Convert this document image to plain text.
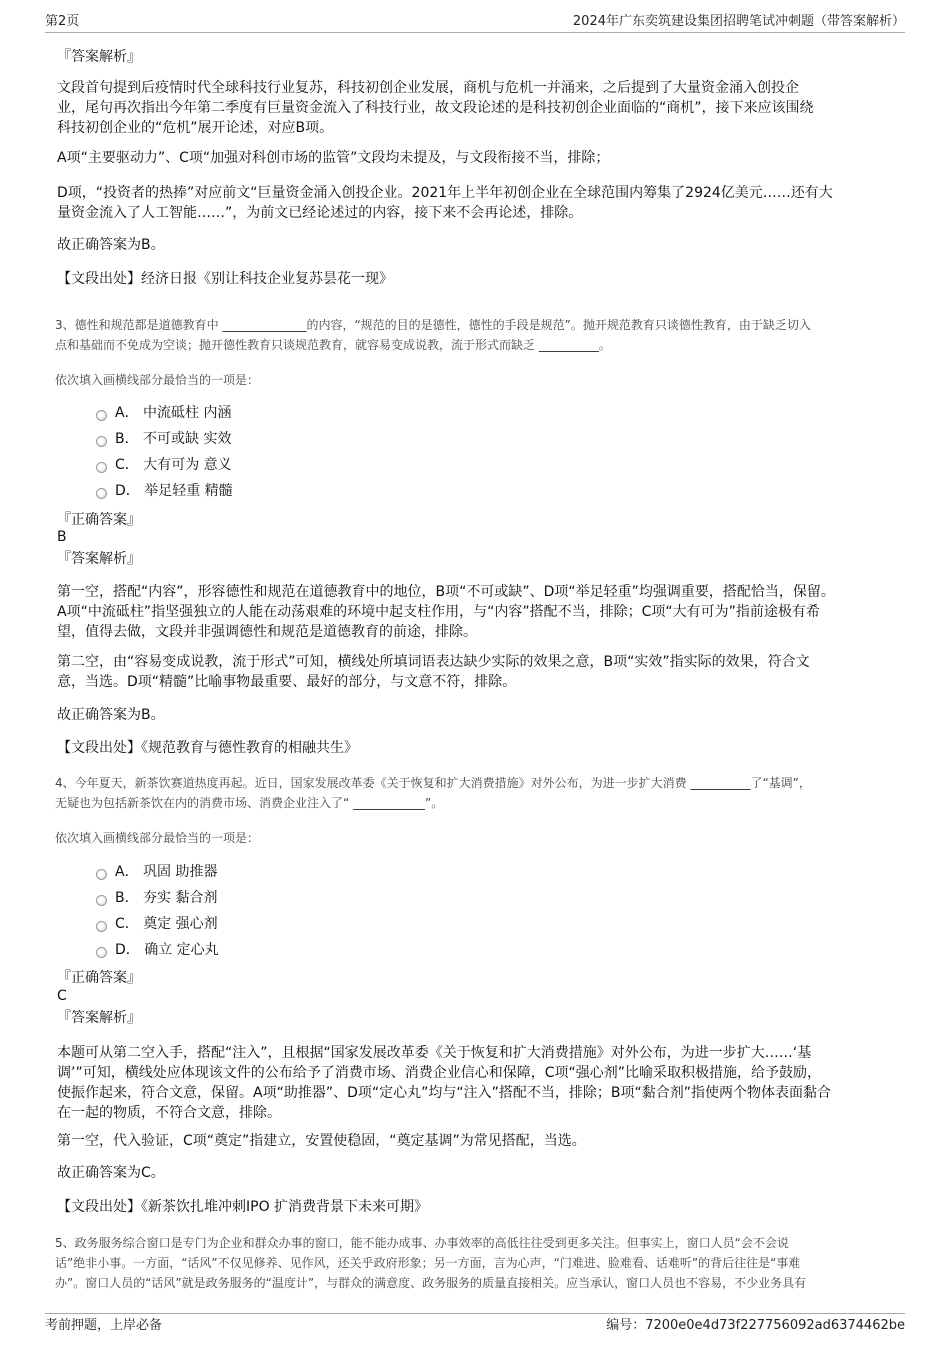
第2页	2024年广东奕筑建设集团招聘笔试冲刺题（带答案解析）
『答案解析』
文段首句提到后疫情时代全球科技行业复苏，科技初创企业发展，商机与危机一并涌来，之后提到了大量资金涌入创投企
业，尾句再次指出今年第二季度有巨量资金流入了科技行业，故文段论述的是科技初创企业面临的“商机”，接下来应该围绕
科技初创企业的“危机”展开论述，对应B项。
A项“主要驱动力”、C项“加强对科创市场的监管”文段均未提及，与文段衔接不当，排除；
D项，“投资者的热捧”对应前文“巨量资金涌入创投企业。2021年上半年初创企业在全球范围内筹集了2924亿美元……还有大
量资金流入了人工智能……”，为前文已经论述过的内容，接下来不会再论述，排除。
故正确答案为B。
【文段出处】经济日报《别让科技企业复苏昙花一现》
3、德性和规范都是道德教育中 ______________的内容，“规范的目的是德性，德性的手段是规范”。抛开规范教育只谈德性教育，由于缺乏切入
点和基础而不免成为空谈；抛开德性教育只谈规范教育，就容易变成说教，流于形式而缺乏 __________。
依次填入画横线部分最恰当的一项是：
A． 中流砥柱 内涵
B． 不可或缺 实效
C． 大有可为 意义
D． 举足轻重 精髓
『正确答案』
B
『答案解析』
第一空，搭配“内容”，形容德性和规范在道德教育中的地位，B项“不可或缺”、D项“举足轻重”均强调重要，搭配恰当，保留。
A项“中流砥柱”指坚强独立的人能在动荡艰难的环境中起支柱作用，与“内容”搭配不当，排除；C项“大有可为”指前途极有希
望，值得去做，文段并非强调德性和规范是道德教育的前途，排除。
第二空，由“容易变成说教，流于形式”可知，横线处所填词语表达缺少实际的效果之意，B项“实效”指实际的效果，符合文
意，当选。D项“精髓”比喻事物最重要、最好的部分，与文意不符，排除。
故正确答案为B。
【文段出处】《规范教育与德性教育的相融共生》
4、今年夏天，新茶饮赛道热度再起。近日，国家发展改革委《关于恢复和扩大消费措施》对外公布，为进一步扩大消费 __________了“基调”，
无疑也为包括新茶饮在内的消费市场、消费企业注入了“ ____________”。
依次填入画横线部分最恰当的一项是：
A． 巩固 助推器
B． 夯实 黏合剂
C． 奠定 强心剂
D． 确立 定心丸
『正确答案』
C
『答案解析』
本题可从第二空入手，搭配“注入”，且根据“国家发展改革委《关于恢复和扩大消费措施》对外公布，为进一步扩大……‘基
调’”可知，横线处应体现该文件的公布给予了消费市场、消费企业信心和保障，C项“强心剂”比喻采取积极措施，给予鼓励，
使振作起来，符合文意，保留。A项“助推器”、D项“定心丸”均与“注入”搭配不当，排除；B项“黏合剂”指使两个物体表面黏合
在一起的物质，不符合文意，排除。
第一空，代入验证，C项“奠定”指建立，安置使稳固，“奠定基调”为常见搭配，当选。
故正确答案为C。
【文段出处】《新茶饮扎堆冲刺IPO 扩消费背景下未来可期》
5、政务服务综合窗口是专门为企业和群众办事的窗口，能不能办成事、办事效率的高低往往受到更多关注。但事实上，窗口人员“会不会说
话”绝非小事。一方面，“话风”不仅见修养、见作风，还关乎政府形象；另一方面，言为心声，“门难进、脸难看、话难听”的背后往往是“事难
办”。窗口人员的“话风”就是政务服务的“温度计”，与群众的满意度、政务服务的质量直接相关。应当承认，窗口人员也不容易，不少业务具有
考前押题，上岸必备	编号：7200e0e4d73f227756092ad6374462be
